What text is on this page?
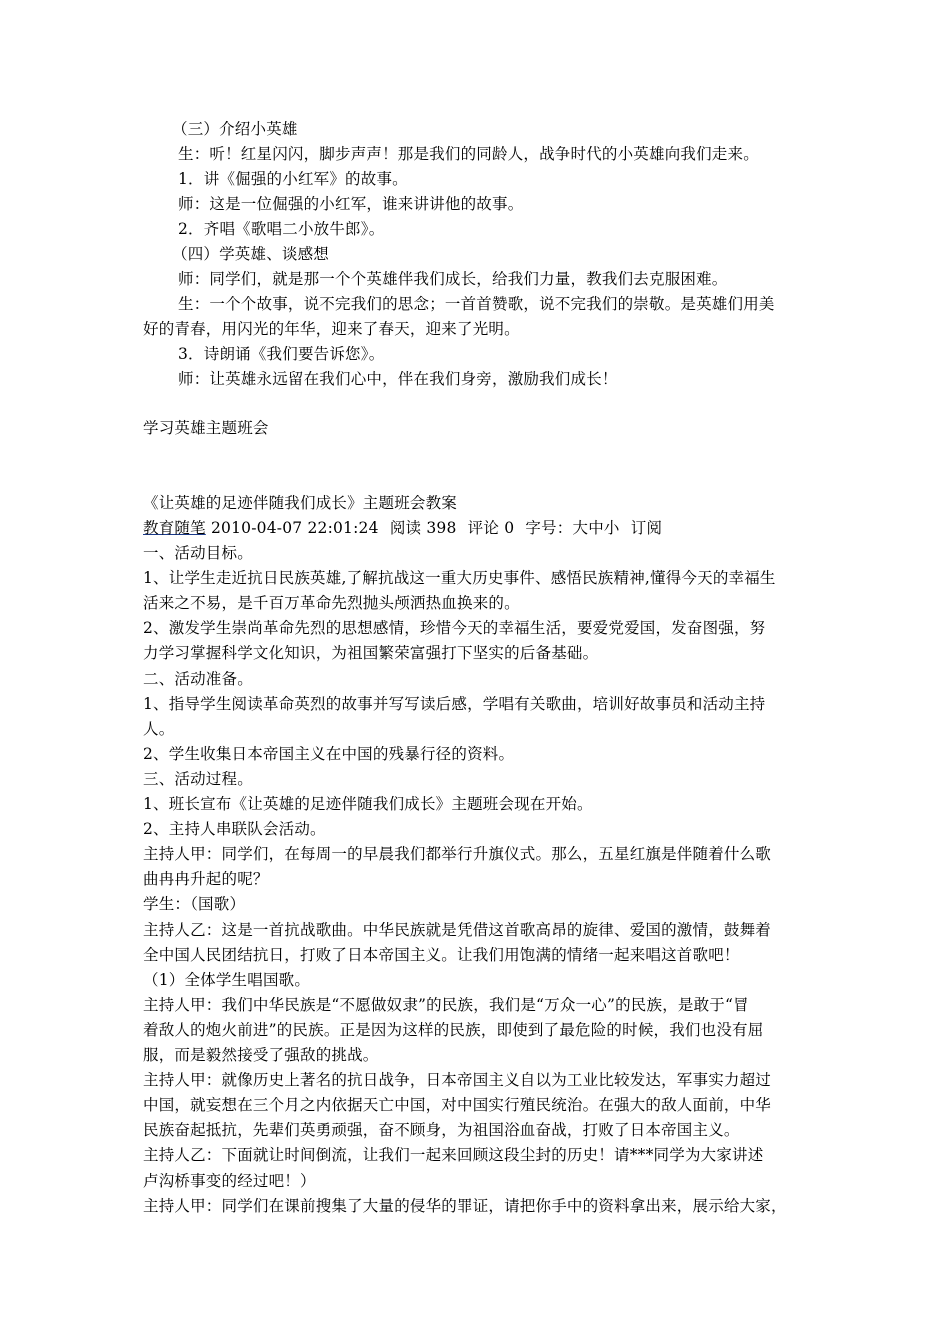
（三）介绍小英雄
生：听！红星闪闪，脚步声声！那是我们的同龄人，战争时代的小英雄向我们走来。
1．讲《倔强的小红军》的故事。
师：这是一位倔强的小红军，谁来讲讲他的故事。
2．齐唱《歌唱二小放牛郎》。
（四）学英雄、谈感想
师：同学们，就是那一个个英雄伴我们成长，给我们力量，教我们去克服困难。
生：一个个故事，说不完我们的思念；一首首赞歌，说不完我们的崇敬。是英雄们用美
好的青春，用闪光的年华，迎来了春天，迎来了光明。
3．诗朗诵《我们要告诉您》。
师：让英雄永远留在我们心中，伴在我们身旁，激励我们成长！
学习英雄主题班会
《让英雄的足迹伴随我们成长》主题班会教案
教育随笔 2010-04-07 22:01:24 阅读 398 评论 0 字号：大中小 订阅
一、活动目标。
1、让学生走近抗日民族英雄,了解抗战这一重大历史事件、感悟民族精神,懂得今天的幸福生
活来之不易，是千百万革命先烈抛头颅洒热血换来的。
2、激发学生崇尚革命先烈的思想感情，珍惜今天的幸福生活，要爱党爱国，发奋图强，努
力学习掌握科学文化知识，为祖国繁荣富强打下坚实的后备基础。
二、活动准备。
1、指导学生阅读革命英烈的故事并写写读后感，学唱有关歌曲，培训好故事员和活动主持
人。
2、学生收集日本帝国主义在中国的残暴行径的资料。
三、活动过程。
1、班长宣布《让英雄的足迹伴随我们成长》主题班会现在开始。
2、主持人串联队会活动。
主持人甲：同学们，在每周一的早晨我们都举行升旗仪式。那么，五星红旗是伴随着什么歌
曲冉冉升起的呢？
学生：（国歌）
主持人乙：这是一首抗战歌曲。中华民族就是凭借这首歌高昂的旋律、爱国的激情，鼓舞着
全中国人民团结抗日，打败了日本帝国主义。让我们用饱满的情绪一起来唱这首歌吧！
（1）全体学生唱国歌。
主持人甲：我们中华民族是“不愿做奴隶”的民族，我们是“万众一心”的民族，是敢于“冒
着敌人的炮火前进”的民族。正是因为这样的民族，即使到了最危险的时候，我们也没有屈
服，而是毅然接受了强敌的挑战。
主持人甲：就像历史上著名的抗日战争，日本帝国主义自以为工业比较发达，军事实力超过
中国，就妄想在三个月之内依据天亡中国，对中国实行殖民统治。在强大的敌人面前，中华
民族奋起抵抗，先辈们英勇顽强，奋不顾身，为祖国浴血奋战，打败了日本帝国主义。
主持人乙：下面就让时间倒流，让我们一起来回顾这段尘封的历史！请***同学为大家讲述
卢沟桥事变的经过吧！）
主持人甲：同学们在课前搜集了大量的侵华的罪证，请把你手中的资料拿出来，展示给大家，
